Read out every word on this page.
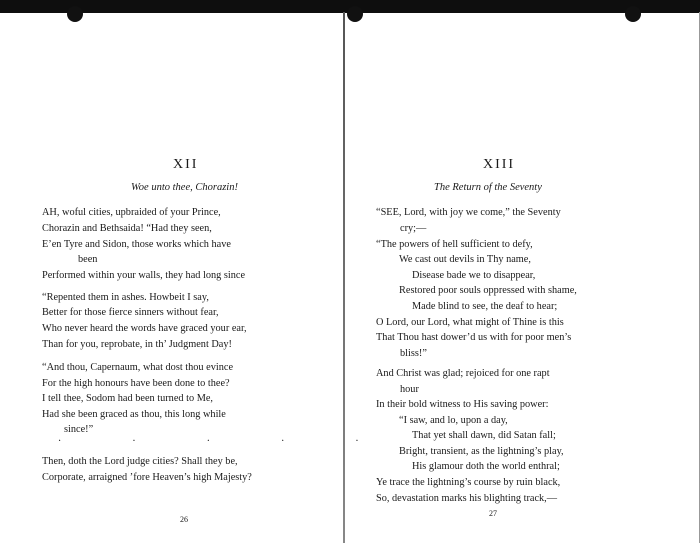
XII
Woe unto thee, Chorazin!
AH, woful cities, upbraided of your Prince,
Chorazin and Bethsaida! “Had they seen,
E’en Tyre and Sidon, those works which have
been
Performed within your walls, they had long since
“Repented them in ashes. Howbeit I say,
Better for those fierce sinners without fear,
Who never heard the words have graced your ear,
Than for you, reprobate, in th’ Judgment Day!
“And thou, Capernaum, what dost thou evince
For the high honours have been done to thee?
I tell thee, Sodom had been turned to Me,
Had she been graced as thou, this long while
since!”
. . . . .
Then, doth the Lord judge cities? Shall they be,
Corporate, arraigned ’fore Heaven’s high Majesty?
26
XIII
The Return of the Seventy
“SEE, Lord, with joy we come,” the Seventy
cry;—
“The powers of hell sufficient to defy,
We cast out devils in Thy name,
Disease bade we to disappear,
Restored poor souls oppressed with shame,
Made blind to see, the deaf to hear;
O Lord, our Lord, what might of Thine is this
That Thou hast dower’d us with for poor men’s
bliss!”
And Christ was glad; rejoiced for one rapt
hour
In their bold witness to His saving power:
“I saw, and lo, upon a day,
That yet shall dawn, did Satan fall;
Bright, transient, as the lightning’s play,
His glamour doth the world enthral;
Ye trace the lightning’s course by ruin black,
So, devastation marks his blighting track,—
27
